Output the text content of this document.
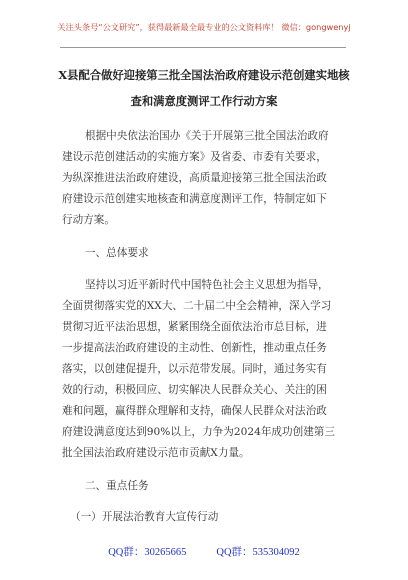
关注头条号“公文研究”，获得最新最全最专业的公文资料库！ 微信：gongwenyj
X县配合做好迎接第三批全国法治政府建设示范创建实地核
查和满意度测评工作行动方案
根据中央依法治国办《关于开展第三批全国法治政府
建设示范创建活动的实施方案》及省委、市委有关要求，
为纵深推进法治政府建设，高质量迎接第三批全国法治政
府建设示范创建实地核查和满意度测评工作，特制定如下
行动方案。
一、总体要求
坚持以习近平新时代中国特色社会主义思想为指导，
全面贯彻落实党的XX大、二十届二中全会精神，深入学习
贯彻习近平法治思想，紧紧围绕全面依法治市总目标，进
一步提高法治政府建设的主动性、创新性，推动重点任务
落实，以创建促提升，以示范带发展。同时，通过务实有
效的行动，积极回应、切实解决人民群众关心、关注的困
难和问题，赢得群众理解和支持，确保人民群众对法治政
府建设满意度达到90%以上，力争为2024年成功创建第三
批全国法治政府建设示范市贡献X力量。
二、重点任务
（一）开展法治教育大宣传行动
QQ群：30265665	QQ群：535304092
